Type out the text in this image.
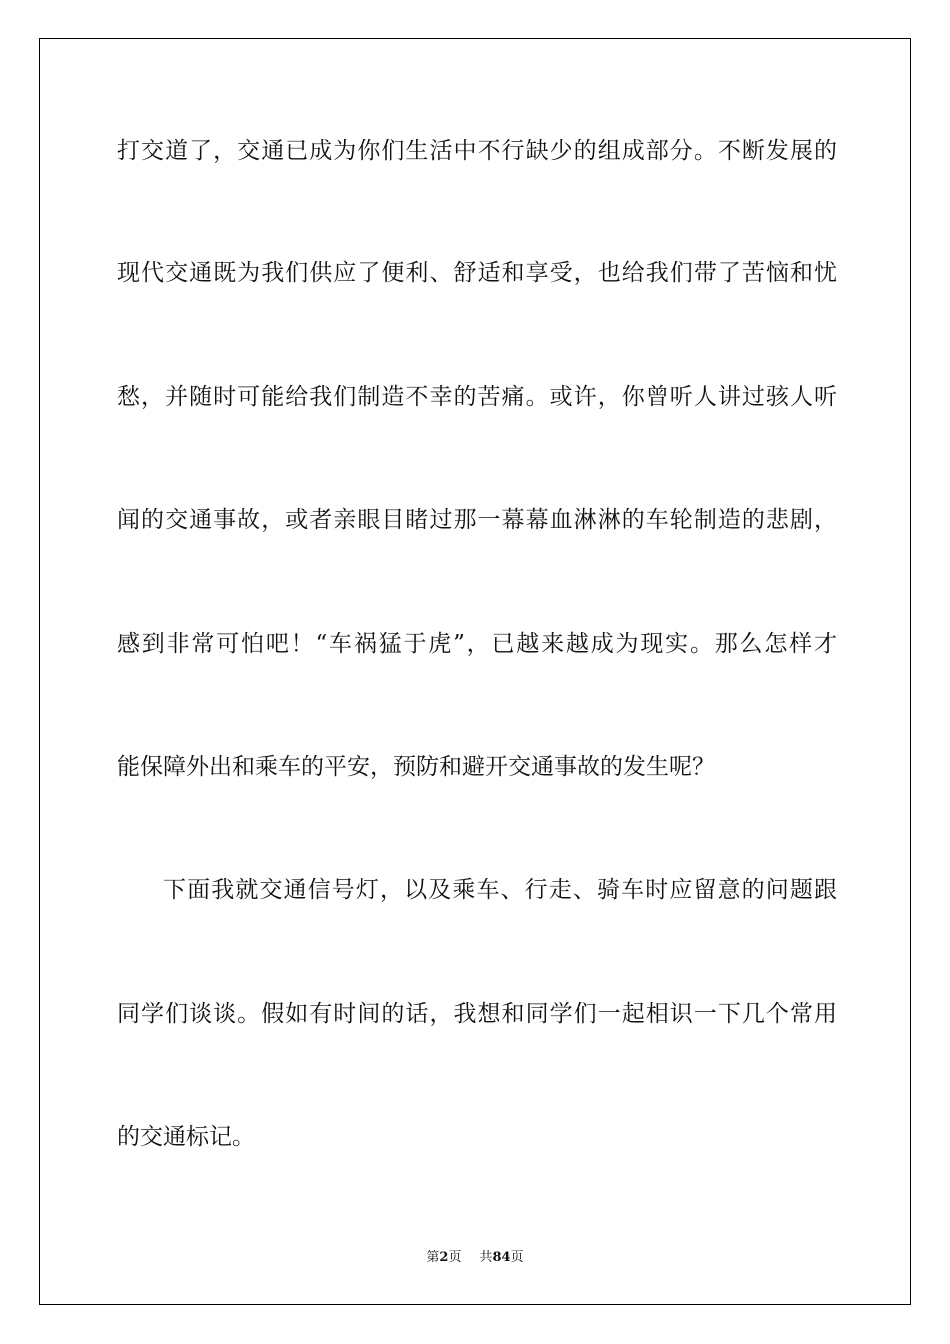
打交道了，交通已成为你们生活中不行缺少的组成部分。不断发展的
现代交通既为我们供应了便利、舒适和享受，也给我们带了苦恼和忧
愁，并随时可能给我们制造不幸的苦痛。或许，你曾听人讲过骇人听
闻的交通事故，或者亲眼目睹过那一幕幕血淋淋的车轮制造的悲剧，
感到非常可怕吧！“车祸猛于虎”，已越来越成为现实。那么怎样才
能保障外出和乘车的平安，预防和避开交通事故的发生呢？
下面我就交通信号灯，以及乘车、行走、骑车时应留意的问题跟
同学们谈谈。假如有时间的话，我想和同学们一起相识一下几个常用
的交通标记。
第2页 共84页
